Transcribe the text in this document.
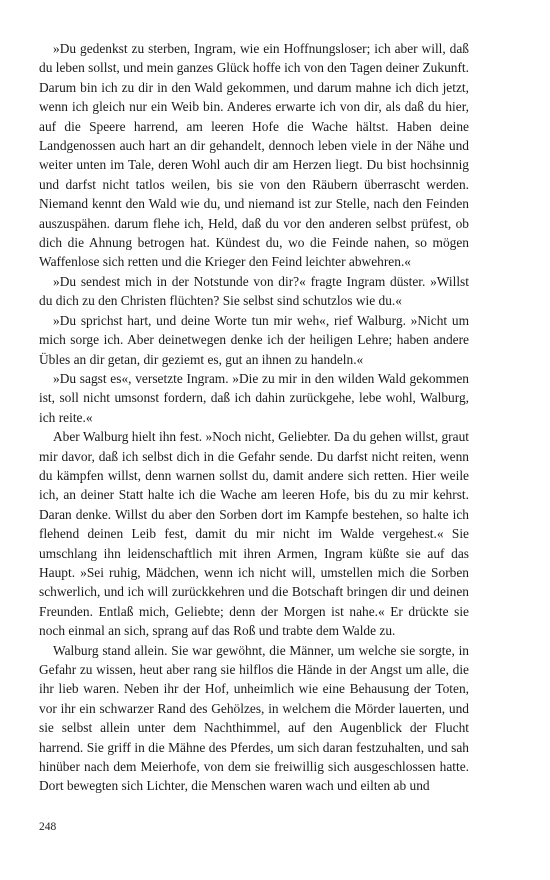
»Du gedenkst zu sterben, Ingram, wie ein Hoffnungsloser; ich aber will, daß du leben sollst, und mein ganzes Glück hoffe ich von den Tagen deiner Zukunft. Darum bin ich zu dir in den Wald gekommen, und darum mahne ich dich jetzt, wenn ich gleich nur ein Weib bin. Anderes erwarte ich von dir, als daß du hier, auf die Speere harrend, am leeren Hofe die Wache hältst. Haben deine Landgenossen auch hart an dir gehandelt, dennoch leben viele in der Nähe und weiter unten im Tale, deren Wohl auch dir am Herzen liegt. Du bist hochsinnig und darfst nicht tatlos weilen, bis sie von den Räubern überrascht werden. Niemand kennt den Wald wie du, und niemand ist zur Stelle, nach den Feinden auszuspähen. darum flehe ich, Held, daß du vor den anderen selbst prüfest, ob dich die Ahnung betrogen hat. Kündest du, wo die Feinde nahen, so mögen Waffenlose sich retten und die Krieger den Feind leichter abwehren.«

»Du sendest mich in der Notstunde von dir?« fragte Ingram düster. »Willst du dich zu den Christen flüchten? Sie selbst sind schutzlos wie du.«

»Du sprichst hart, und deine Worte tun mir weh«, rief Walburg. »Nicht um mich sorge ich. Aber deinetwegen denke ich der heiligen Lehre; haben andere Übles an dir getan, dir geziemt es, gut an ihnen zu handeln.«

»Du sagst es«, versetzte Ingram. »Die zu mir in den wilden Wald gekommen ist, soll nicht umsonst fordern, daß ich dahin zurückgehe, lebe wohl, Walburg, ich reite.«

Aber Walburg hielt ihn fest. »Noch nicht, Geliebter. Da du gehen willst, graut mir davor, daß ich selbst dich in die Gefahr sende. Du darfst nicht reiten, wenn du kämpfen willst, denn warnen sollst du, damit andere sich retten. Hier weile ich, an deiner Statt halte ich die Wache am leeren Hofe, bis du zu mir kehrst. Daran denke. Willst du aber den Sorben dort im Kampfe bestehen, so halte ich flehend deinen Leib fest, damit du mir nicht im Walde vergehest.« Sie umschlang ihn leidenschaftlich mit ihren Armen, Ingram küßte sie auf das Haupt. »Sei ruhig, Mädchen, wenn ich nicht will, umstellen mich die Sorben schwerlich, und ich will zurückkehren und die Botschaft bringen dir und deinen Freunden. Entlaß mich, Geliebte; denn der Morgen ist nahe.« Er drückte sie noch einmal an sich, sprang auf das Roß und trabte dem Walde zu.

Walburg stand allein. Sie war gewöhnt, die Männer, um welche sie sorgte, in Gefahr zu wissen, heut aber rang sie hilflos die Hände in der Angst um alle, die ihr lieb waren. Neben ihr der Hof, unheimlich wie eine Behausung der Toten, vor ihr ein schwarzer Rand des Gehölzes, in welchem die Mörder lauerten, und sie selbst allein unter dem Nachthimmel, auf den Augenblick der Flucht harrend. Sie griff in die Mähne des Pferdes, um sich daran festzuhalten, und sah hinüber nach dem Meierhofe, von dem sie freiwillig sich ausgeschlossen hatte. Dort bewegten sich Lichter, die Menschen waren wach und eilten ab und

248
